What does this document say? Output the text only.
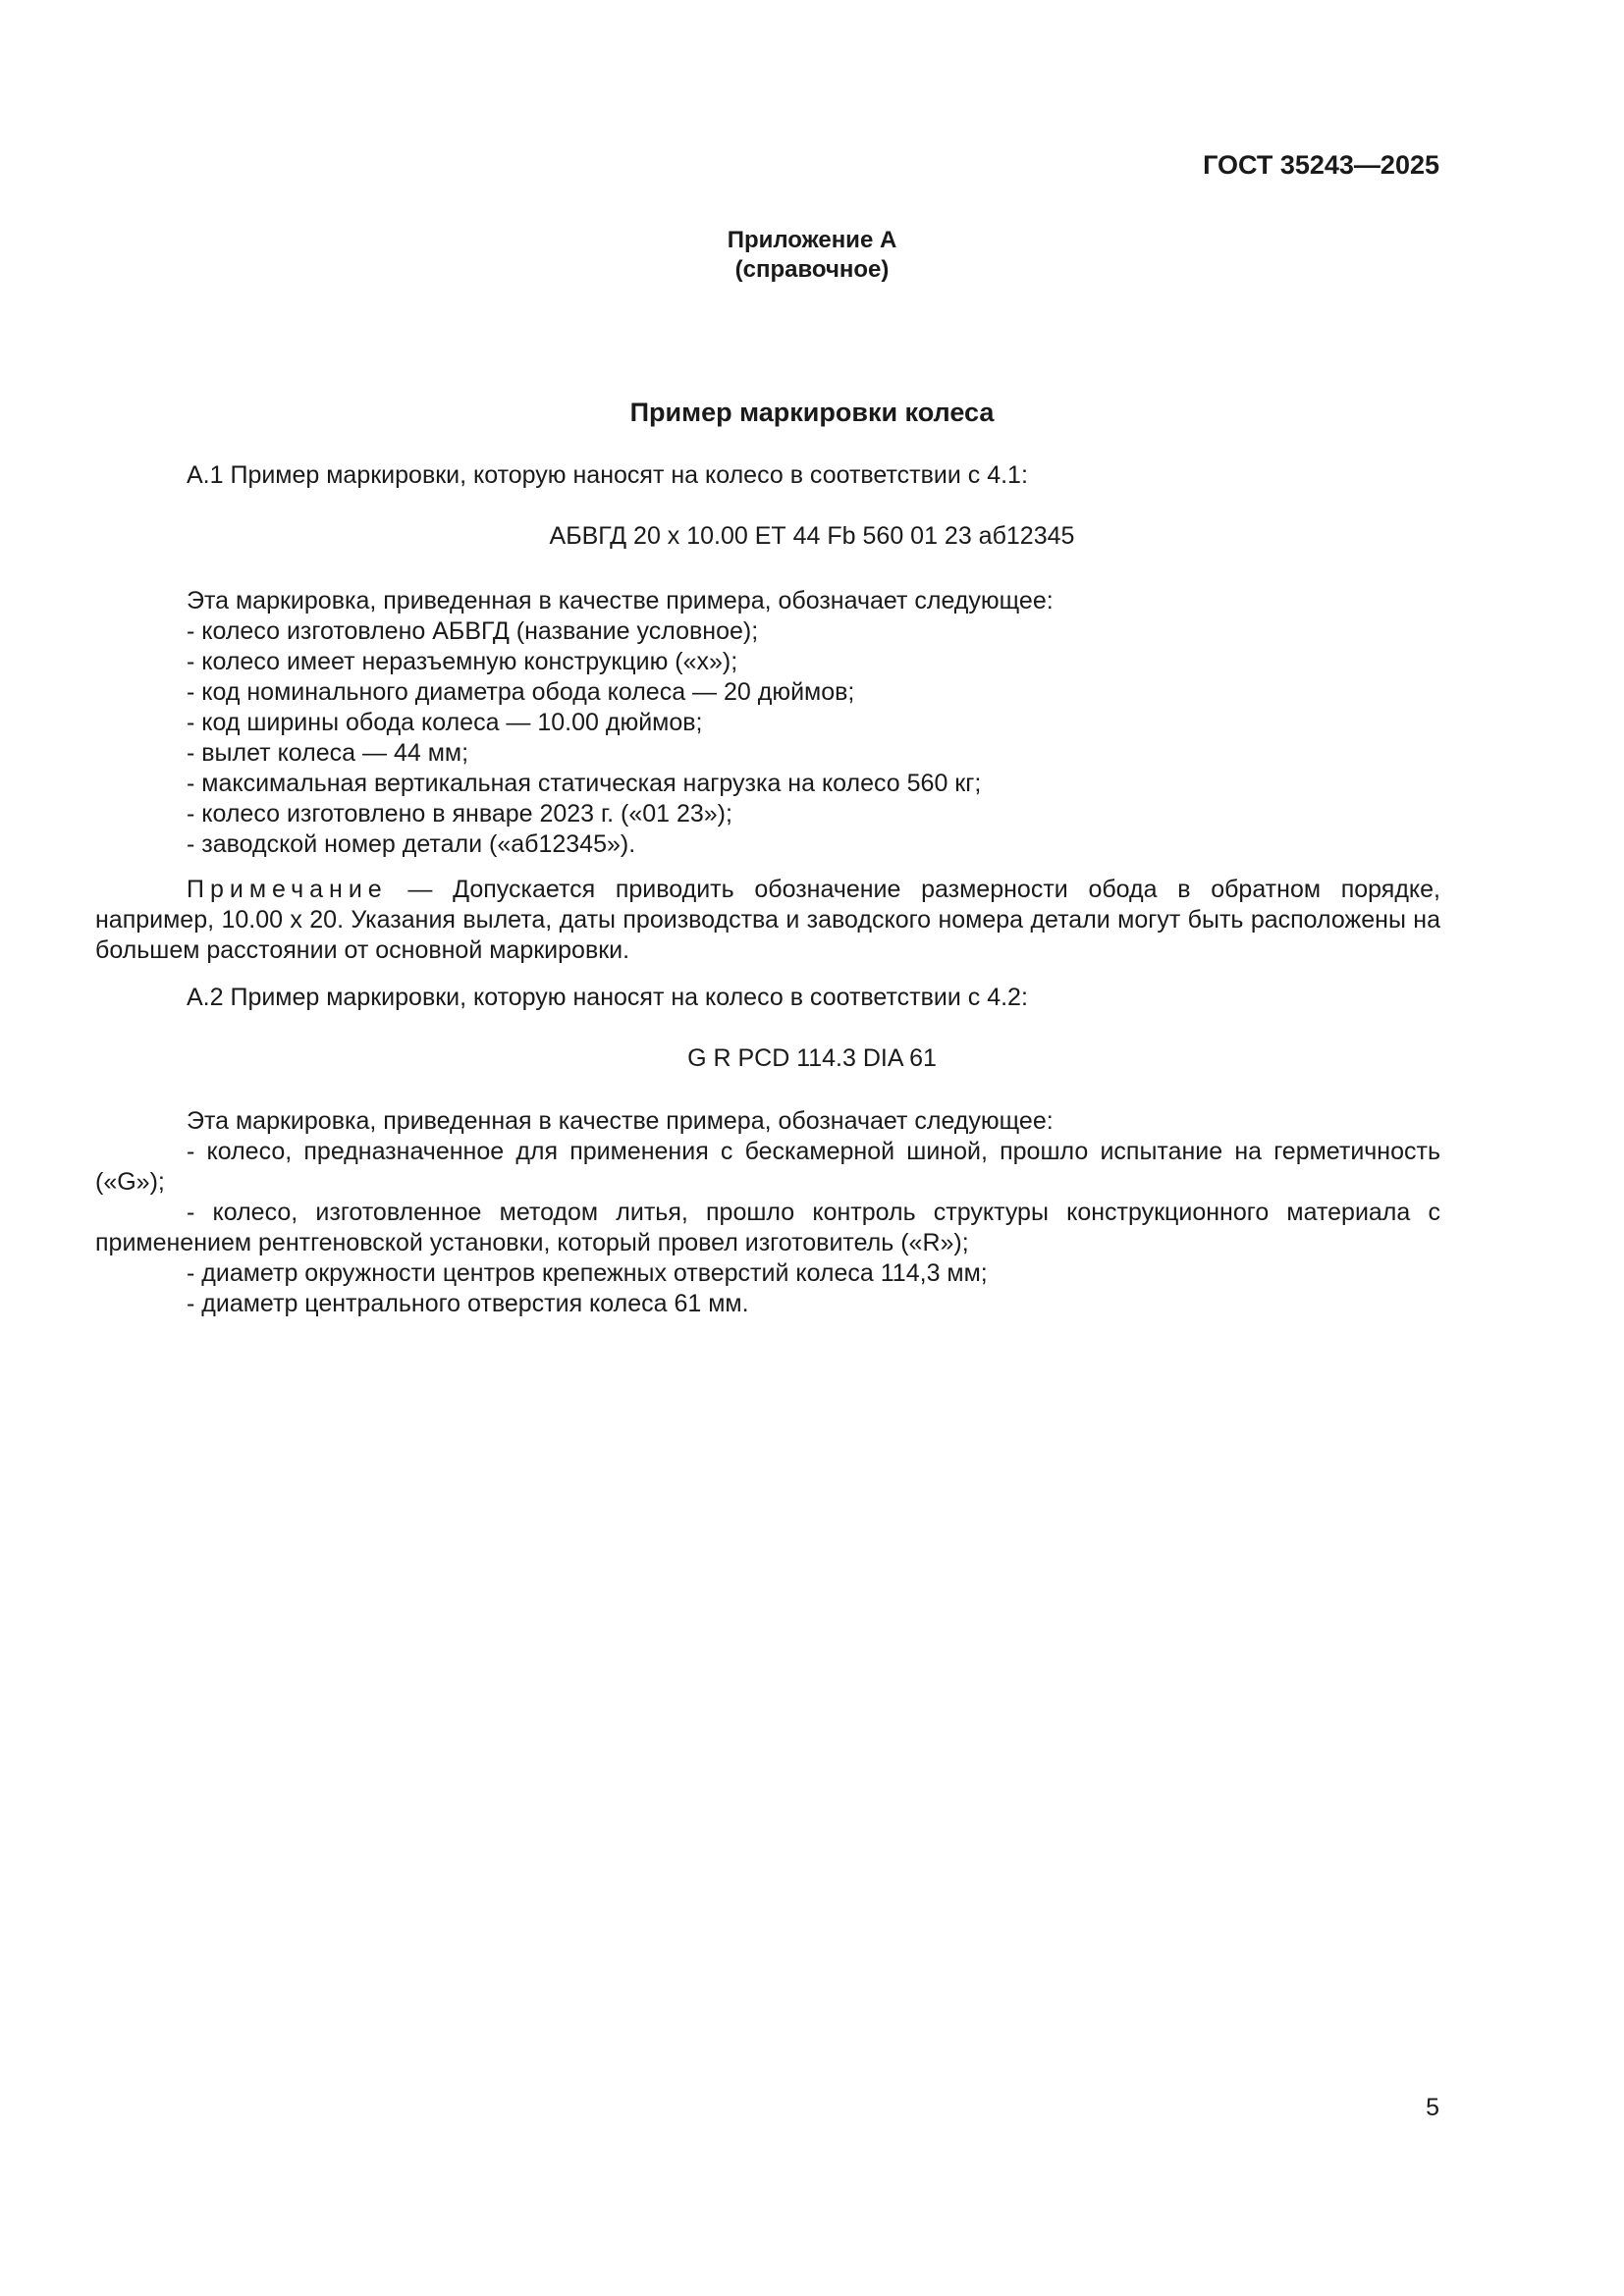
ГОСТ 35243—2025
Приложение А
(справочное)
Пример маркировки колеса

А.1 Пример маркировки, которую наносят на колесо в соответствии с 4.1:

АБВГД 20 х 10.00 ЕТ 44 Fb 560 01 23 аб12345

Эта маркировка, приведенная в качестве примера, обозначает следующее:

- колесо изготовлено АБВГД (название условное);
- колесо имеет неразъемную конструкцию («х»);
- код номинального диаметра обода колеса — 20 дюймов;
- код ширины обода колеса — 10.00 дюймов;
- вылет колеса — 44 мм;
- максимальная вертикальная статическая нагрузка на колесо 560 кг;
- колесо изготовлено в январе 2023 г. («01 23»);
- заводской номер детали («аб12345»).

Примечание — Допускается приводить обозначение размерности обода в обратном порядке, например, 10.00 х 20. Указания вылета, даты производства и заводского номера детали могут быть расположены на большем расстоянии от основной маркировки.

А.2 Пример маркировки, которую наносят на колесо в соответствии с 4.2:

G R PCD 114.3 DIA 61

Эта маркировка, приведенная в качестве примера, обозначает следующее:

- колесо, предназначенное для применения с бескамерной шиной, прошло испытание на герметичность («G»);
- колесо, изготовленное методом литья, прошло контроль структуры конструкционного материала с применением рентгеновской установки, который провел изготовитель («R»);
- диаметр окружности центров крепежных отверстий колеса 114,3 мм;
- диаметр центрального отверстия колеса 61 мм.
5
